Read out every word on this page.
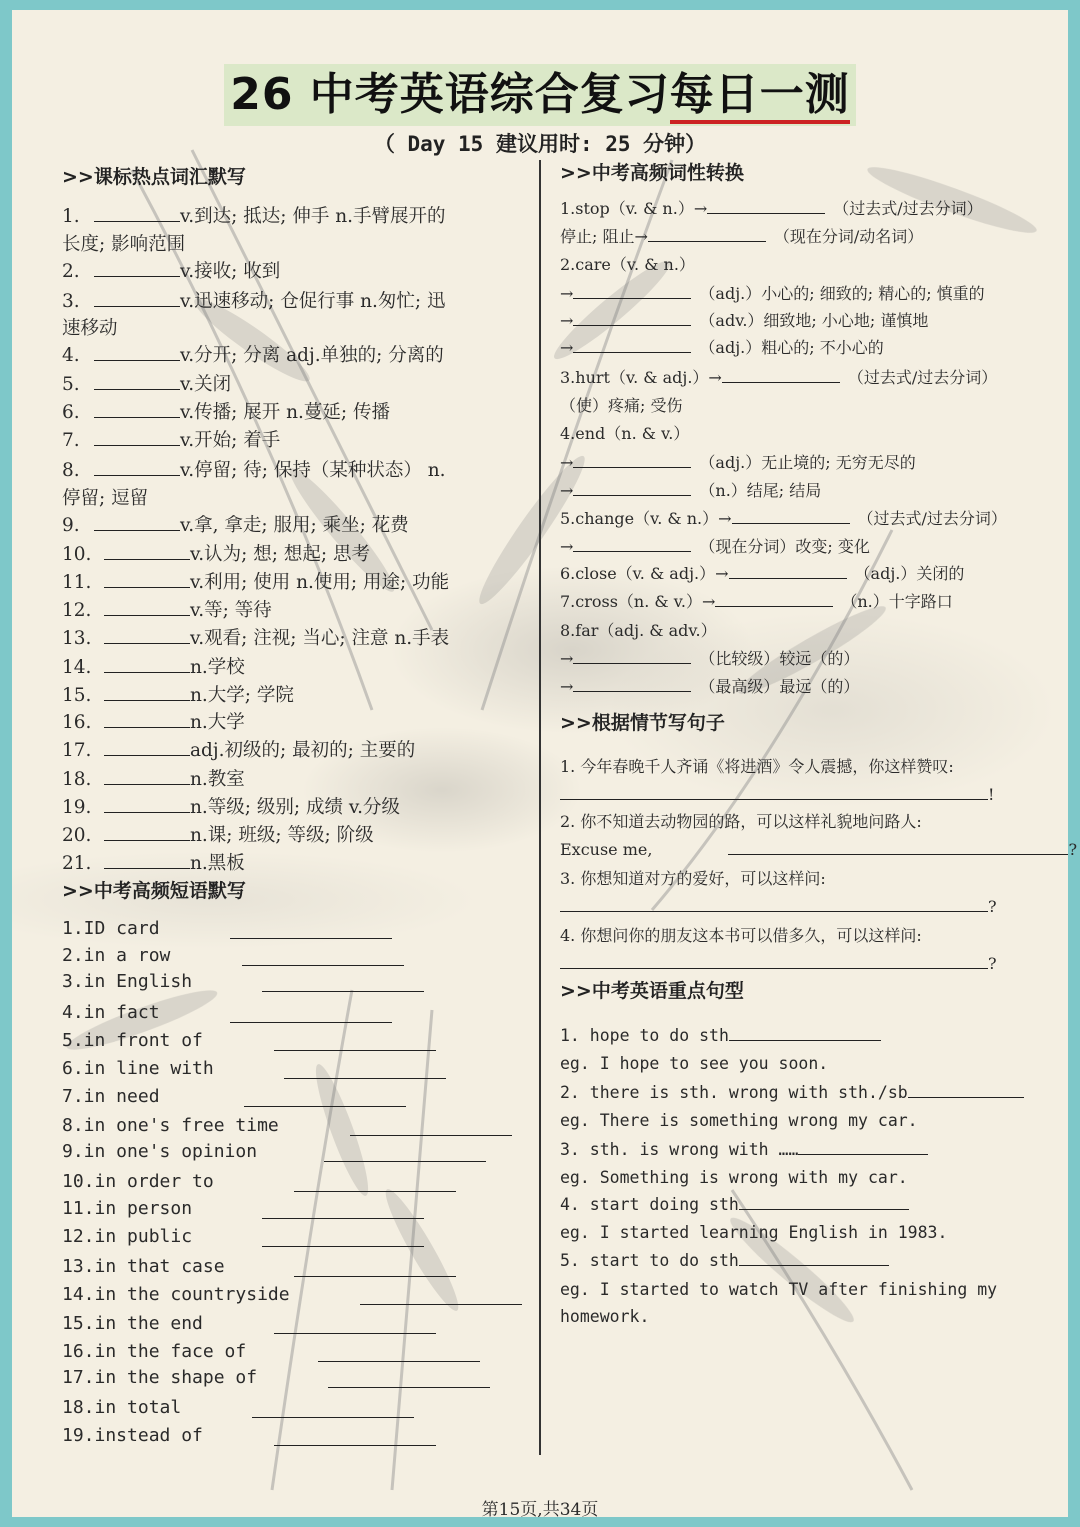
26 中考英语综合复习每日一测
（ Day 15 建议用时: 25 分钟）
>>课标热点词汇默写
1.	v.到达; 抵达; 伸手 n.手臂展开的
长度; 影响范围
2.	v.接收; 收到
3.	v.迅速移动; 仓促行事 n.匆忙; 迅
速移动
4.	v.分开; 分离 adj.单独的; 分离的
5.	v.关闭
6.	v.传播; 展开 n.蔓延; 传播
7.	v.开始; 着手
8.	v.停留; 待; 保持（某种状态） n.
停留; 逗留
9.	v.拿, 拿走; 服用; 乘坐; 花费
10.	v.认为; 想; 想起; 思考
11.	v.利用; 使用 n.使用; 用途; 功能
12.	v.等; 等待
13.	v.观看; 注视; 当心; 注意 n.手表
14.	n.学校
15.	n.大学; 学院
16.	n.大学
17.	adj.初级的; 最初的; 主要的
18.	n.教室
19.	n.等级; 级别; 成绩 v.分级
20.	n.课; 班级; 等级; 阶级
21.	n.黑板
>>中考高频短语默写
1.ID card
2.in a row
3.in English
4.in fact
5.in front of
6.in line with
7.in need
8.in one's free time
9.in one's opinion
10.in order to
11.in person
12.in public
13.in that case
14.in the countryside
15.in the end
16.in the face of
17.in the shape of
18.in total
19.instead of
>>中考高频词性转换
1.stop（v. & n.）→	（过去式/过去分词）
停止; 阻止→	（现在分词/动名词）
2.care（v. & n.）
→	（adj.）小心的; 细致的; 精心的; 慎重的
→	（adv.）细致地; 小心地; 谨慎地
→	（adj.）粗心的; 不小心的
3.hurt（v. & adj.）→	（过去式/过去分词）
（使）疼痛; 受伤
4.end（n. & v.）
→	（adj.）无止境的; 无穷无尽的
→	（n.）结尾; 结局
5.change（v. & n.）→	（过去式/过去分词）
→	（现在分词）改变; 变化
6.close（v. & adj.）→	（adj.）关闭的
7.cross（n. & v.）→	（n.）十字路口
8.far（adj. & adv.）
→	（比较级）较远（的）
→	（最高级）最远（的）
>>根据情节写句子
1. 今年春晚千人齐诵《将进酒》令人震撼，你这样赞叹:
!
2. 你不知道去动物园的路，可以这样礼貌地问路人:
Excuse me,	?
3. 你想知道对方的爱好，可以这样问:
?
4. 你想问你的朋友这本书可以借多久，可以这样问:
?
>>中考英语重点句型
1. hope to do sth
eg. I hope to see you soon.
2. there is sth. wrong with sth./sb
eg. There is something wrong my car.
3. sth. is wrong with ……
eg. Something is wrong with my car.
4. start doing sth
eg. I started learning English in 1983.
5. start to do sth
eg. I started to watch TV after finishing my
homework.
第15页,共34页
